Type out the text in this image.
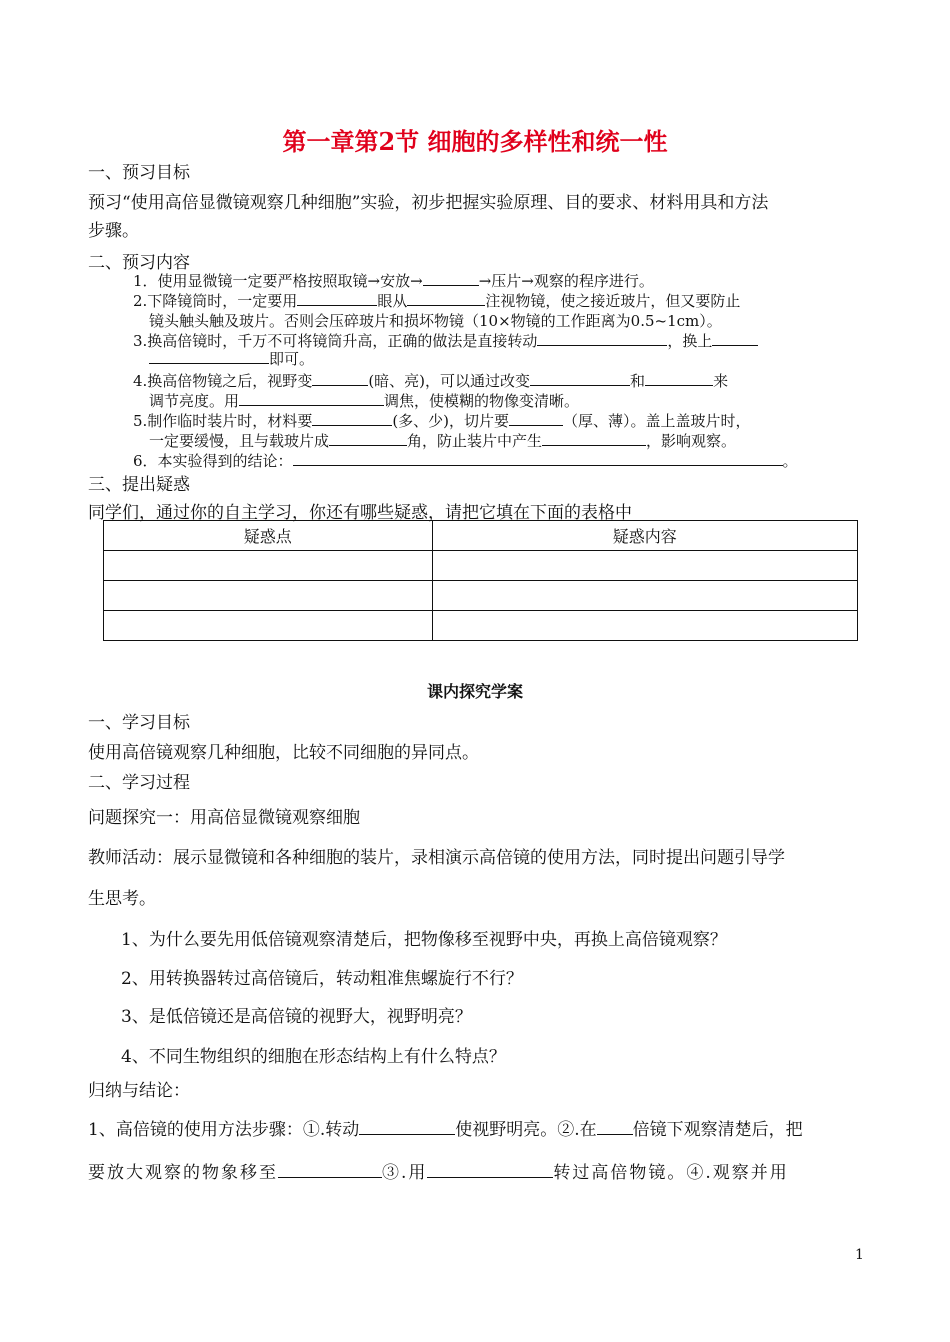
第一章第2节 细胞的多样性和统一性
一、预习目标
预习“使用高倍显微镜观察几种细胞”实验，初步把握实验原理、目的要求、材料用具和方法
步骤。
二、预习内容
1．使用显微镜一定要严格按照取镜→安放→	→压片→观察的程序进行。
2.下降镜筒时，一定要用	眼从	注视物镜，使之接近玻片，但又要防止
镜头触头触及玻片。否则会压碎玻片和损坏物镜（10×物镜的工作距离为0.5~1cm）。
3.换高倍镜时，千万不可将镜筒升高，正确的做法是直接转动	，换上
即可。
4.换高倍物镜之后，视野变	(暗、亮)，可以通过改变	和	来
调节亮度。用	调焦，使模糊的物像变清晰。
5.制作临时装片时，材料要	(多、少)，切片要	（厚、薄）。盖上盖玻片时，
一定要缓慢，且与载玻片成	角，防止装片中产生	，影响观察。
6．本实验得到的结论：	。
三、提出疑惑
同学们，通过你的自主学习，你还有哪些疑惑，请把它填在下面的表格中
疑惑点	疑惑内容

课内探究学案
一、学习目标
使用高倍镜观察几种细胞，比较不同细胞的异同点。
二、学习过程
问题探究一：用高倍显微镜观察细胞
教师活动：展示显微镜和各种细胞的装片，录相演示高倍镜的使用方法，同时提出问题引导学
生思考。
1、为什么要先用低倍镜观察清楚后，把物像移至视野中央，再换上高倍镜观察？
2、用转换器转过高倍镜后，转动粗准焦螺旋行不行？
3、是低倍镜还是高倍镜的视野大，视野明亮？
4、不同生物组织的细胞在形态结构上有什么特点？
归纳与结论：
1、高倍镜的使用方法步骤：①.转动	使视野明亮。②.在 倍镜下观察清楚后，把
要放大观察的物象移至	③.用	转过高倍物镜。④.观察并用
1
